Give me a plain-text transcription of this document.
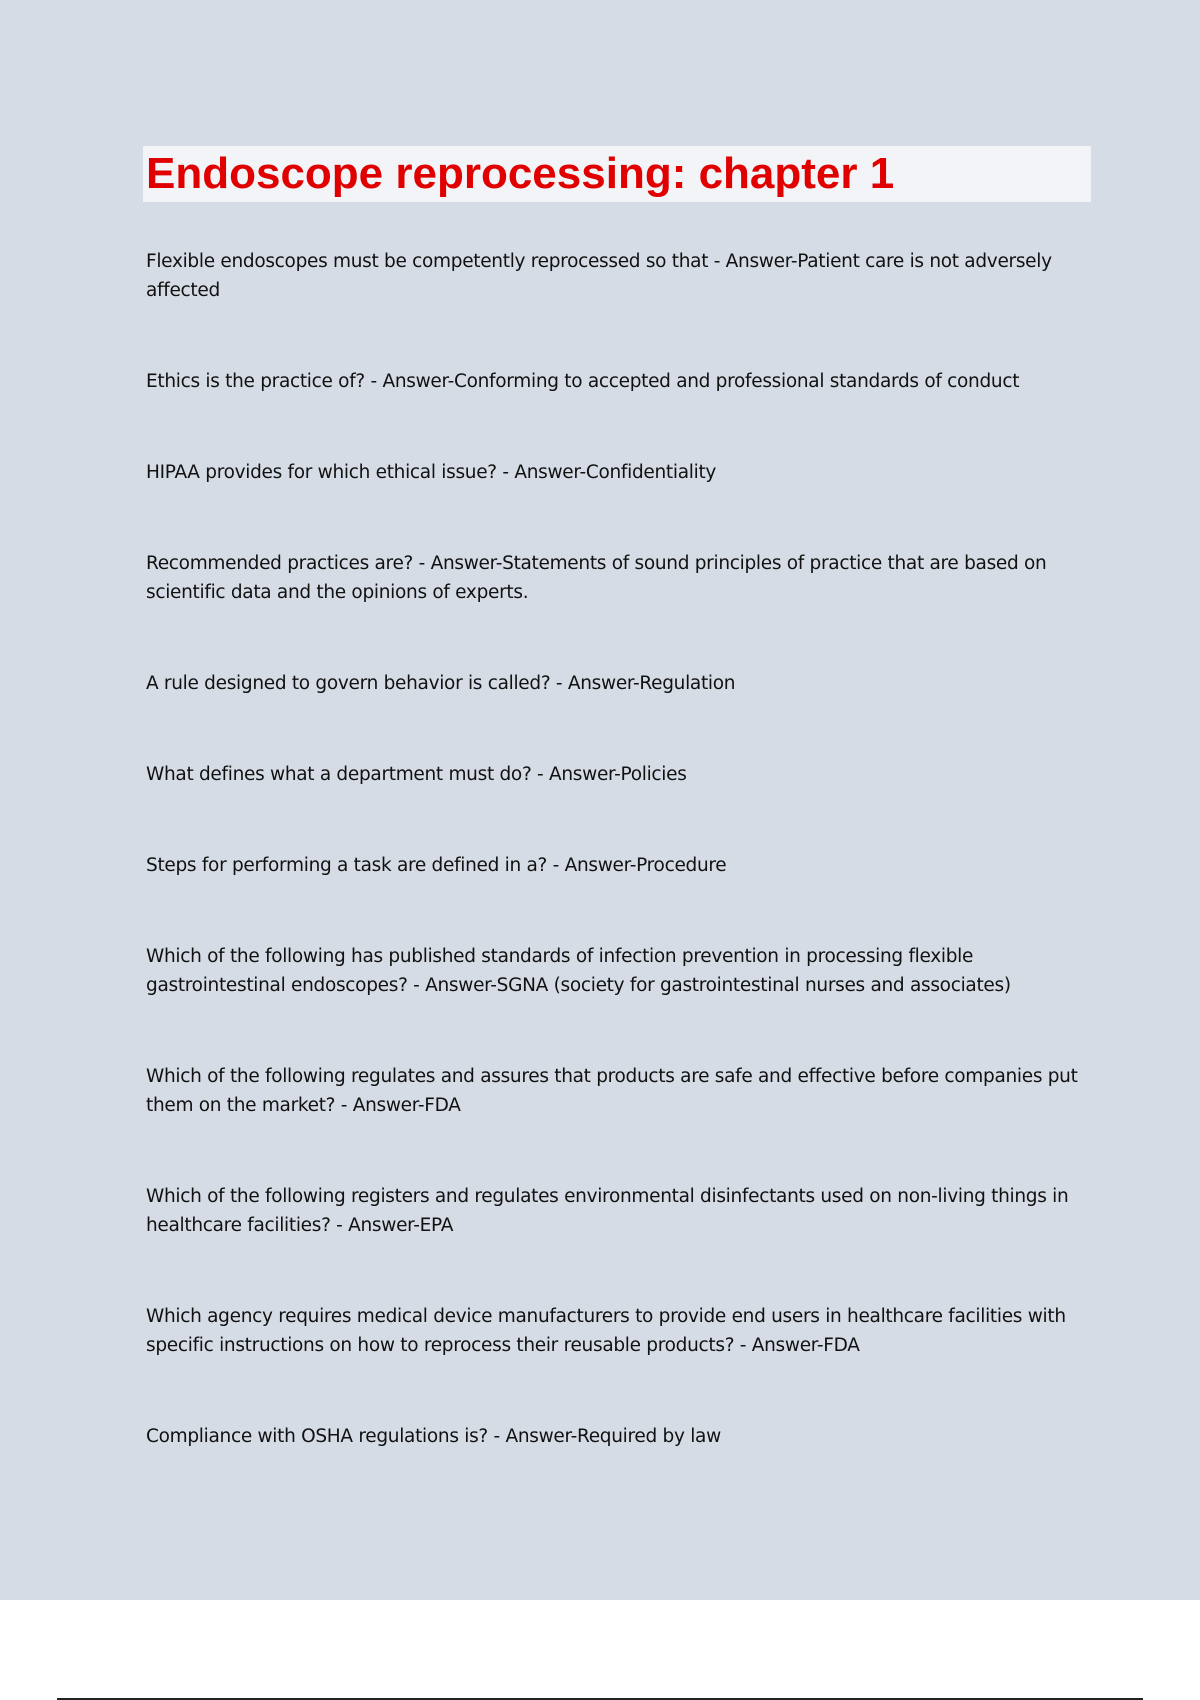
Endoscope reprocessing: chapter 1
Flexible endoscopes must be competently reprocessed so that - Answer-Patient care is not adversely affected
Ethics is the practice of? - Answer-Conforming to accepted and professional standards of conduct
HIPAA provides for which ethical issue? - Answer-Confidentiality
Recommended practices are? - Answer-Statements of sound principles of practice that are based on scientific data and the opinions of experts.
A rule designed to govern behavior is called? - Answer-Regulation
What defines what a department must do? - Answer-Policies
Steps for performing a task are defined in a? - Answer-Procedure
Which of the following has published standards of infection prevention in processing flexible gastrointestinal endoscopes? - Answer-SGNA (society for gastrointestinal nurses and associates)
Which of the following regulates and assures that products are safe and effective before companies put them on the market? - Answer-FDA
Which of the following registers and regulates environmental disinfectants used on non-living things in healthcare facilities? - Answer-EPA
Which agency requires medical device manufacturers to provide end users in healthcare facilities with specific instructions on how to reprocess their reusable products? - Answer-FDA
Compliance with OSHA regulations is? - Answer-Required by law
